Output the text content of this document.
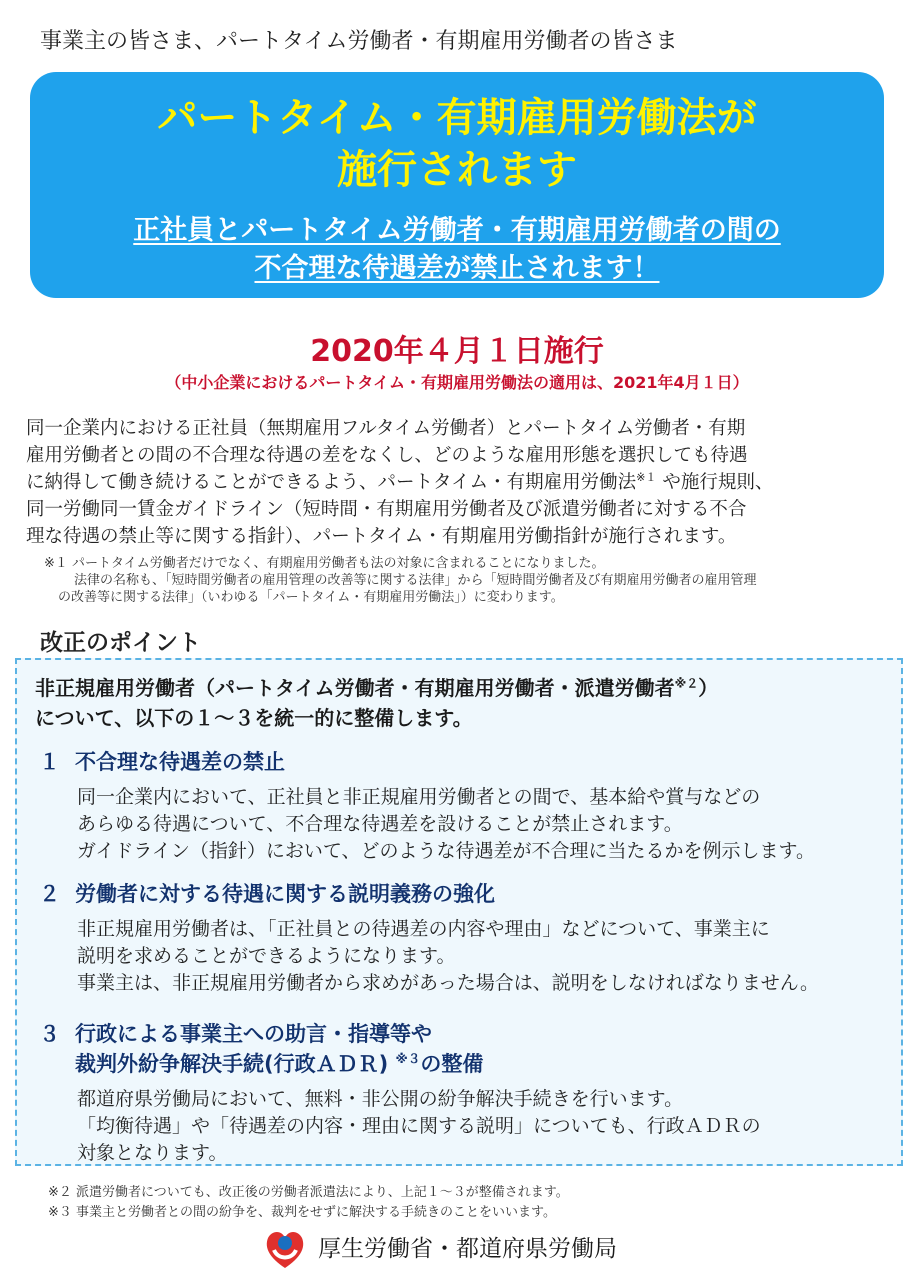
事業主の皆さま、パートタイム労働者・有期雇用労働者の皆さま
パートタイム・有期雇用労働法が
施行されます
正社員とパートタイム労働者・有期雇用労働者の間の
不合理な待遇差が禁止されます！
2020年４月１日施行
（中小企業におけるパートタイム・有期雇用労働法の適用は、2021年4月１日）

同一企業内における正社員（無期雇用フルタイム労働者）とパートタイム労働者・有期

雇用労働者との間の不合理な待遇の差をなくし、どのような雇用形態を選択しても待遇

に納得して働き続けることができるよう、パートタイム・有期雇用労働法$^{※1}$ や施行規則、

同一労働同一賃金ガイドライン（短時間・有期雇用労働者及び派遣労働者に対する不合

理な待遇の禁止等に関する指針）、パートタイム・有期雇用労働指針が施行されます。

※１ パートタイム労働者だけでなく、有期雇用労働者も法の対象に含まれることになりました。

法律の名称も、「短時間労働者の雇用管理の改善等に関する法律」から「短時間労働者及び有期雇用労働者の雇用管理

の改善等に関する法律」（いわゆる「パートタイム・有期雇用労働法」）に変わります。

改正のポイント

非正規雇用労働者（パートタイム労働者・有期雇用労働者・派遣労働者$^{※2}$）

について、以下の１～３を統一的に整備します。

１ 不合理な待遇差の禁止

同一企業内において、正社員と非正規雇用労働者との間で、基本給や賞与などの

あらゆる待遇について、不合理な待遇差を設けることが禁止されます。

ガイドライン（指針）において、どのような待遇差が不合理に当たるかを例示します。

２ 労働者に対する待遇に関する説明義務の強化

非正規雇用労働者は、「正社員との待遇差の内容や理由」などについて、事業主に

説明を求めることができるようになります。

事業主は、非正規雇用労働者から求めがあった場合は、説明をしなければなりません。

３ 行政による事業主への助言・指導等や

裁判外紛争解決手続(行政ＡＤＲ) $^{※3}$の整備

都道府県労働局において、無料・非公開の紛争解決手続きを行います。

「均衡待遇」や「待遇差の内容・理由に関する説明」についても、行政ＡＤＲの

対象となります。

※２ 派遣労働者についても、改正後の労働者派遣法により、上記１～３が整備されます。

※３ 事業主と労働者との間の紛争を、裁判をせずに解決する手続きのことをいいます。

厚生労働省・都道府県労働局
